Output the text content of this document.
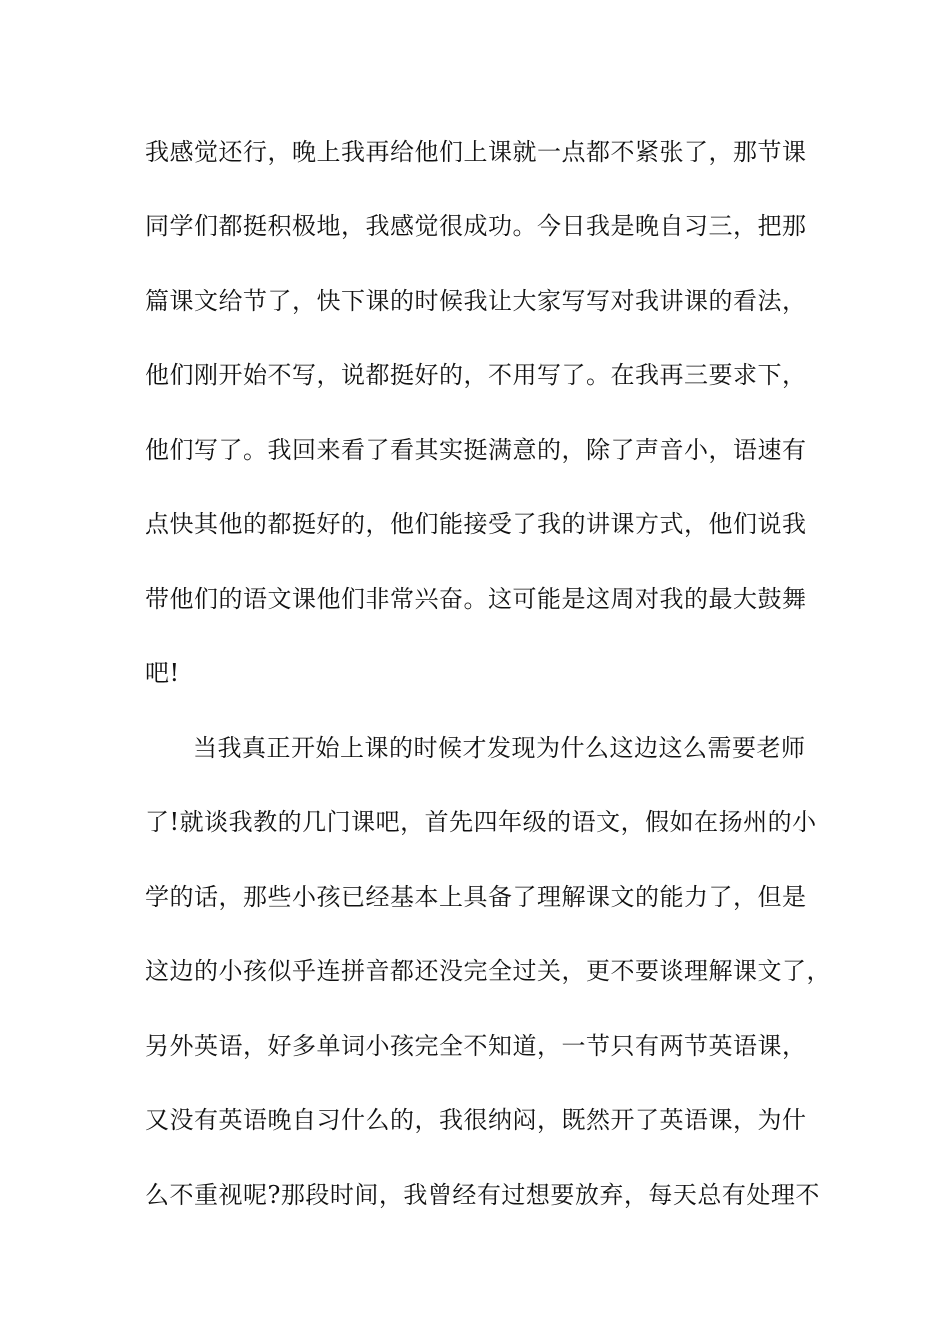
我感觉还行，晚上我再给他们上课就一点都不紧张了，那节课
同学们都挺积极地，我感觉很成功。今日我是晚自习三，把那
篇课文给节了，快下课的时候我让大家写写对我讲课的看法，
他们刚开始不写，说都挺好的，不用写了。在我再三要求下，
他们写了。我回来看了看其实挺满意的，除了声音小，语速有
点快其他的都挺好的，他们能接受了我的讲课方式，他们说我
带他们的语文课他们非常兴奋。这可能是这周对我的最大鼓舞
吧!
当我真正开始上课的时候才发现为什么这边这么需要老师
了!就谈我教的几门课吧，首先四年级的语文，假如在扬州的小
学的话，那些小孩已经基本上具备了理解课文的能力了，但是
这边的小孩似乎连拼音都还没完全过关，更不要谈理解课文了，
另外英语，好多单词小孩完全不知道，一节只有两节英语课，
又没有英语晚自习什么的，我很纳闷，既然开了英语课，为什
么不重视呢?那段时间，我曾经有过想要放弃，每天总有处理不
